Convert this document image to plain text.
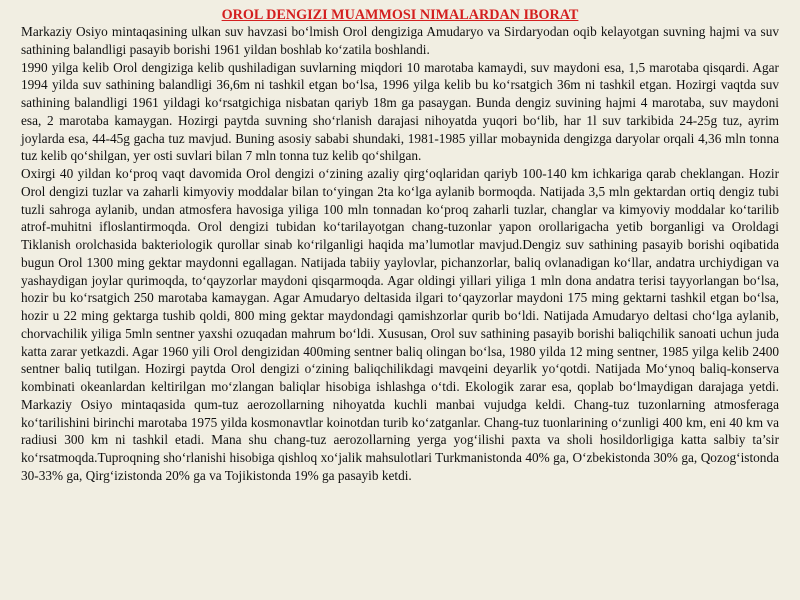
OROL DENGIZI MUAMMOSI NIMALARDAN IBORAT

Markaziy Osiyo mintaqasining ulkan suv havzasi bo‘lmish Orol dengiziga Amudaryo va Sirdaryodan oqib kelayotgan suvning hajmi va suv sathining balandligi pasayib borishi 1961 yildan boshlab ko‘zatila boshlandi.

1990 yilga kelib Orol dengiziga kelib qushiladigan suvlarning miqdori 10 marotaba kamaydi, suv maydoni esa, 1,5 marotaba qisqardi. Agar 1994 yilda suv sathining balandligi 36,6m ni tashkil etgan bo‘lsa, 1996 yilga kelib bu ko‘rsatgich 36m ni tashkil etgan. Hozirgi vaqtda suv sathining balandligi 1961 yildagi ko‘rsatgichiga nisbatan qariyb 18m ga pasaygan. Bunda dengiz suvining hajmi 4 marotaba, suv maydoni esa, 2 marotaba kamaygan. Hozirgi paytda suvning sho‘rlanish darajasi nihoyatda yuqori bo‘lib, har 1l suv tarkibida 24-25g tuz, ayrim joylarda esa, 44-45g gacha tuz mavjud. Buning asosiy sababi shundaki, 1981-1985 yillar mobaynida dengizga daryolar orqali 4,36 mln tonna tuz kelib qo‘shilgan, yer osti suvlari bilan 7 mln tonna tuz kelib qo‘shilgan.

Oxirgi 40 yildan ko‘proq vaqt davomida Orol dengizi o‘zining azaliy qirg‘oqlaridan qariyb 100-140 km ichkariga qarab cheklangan. Hozir Orol dengizi tuzlar va zaharli kimyoviy moddalar bilan to‘yingan 2ta ko‘lga aylanib bormoqda. Natijada 3,5 mln gektardan ortiq dengiz tubi tuzli sahroga aylanib, undan atmosfera havosiga yiliga 100 mln tonnadan ko‘proq zaharli tuzlar, changlar va kimyoviy moddalar ko‘tarilib atrof-muhitni ifloslantirmoqda. Orol dengizi tubidan ko‘tarilayotgan chang-tuzonlar yapon orollarigacha yetib borganligi va Oroldagi Tiklanish orolchasida bakteriologik qurollar sinab ko‘rilganligi haqida ma’lumotlar mavjud.Dengiz suv sathining pasayib borishi oqibatida bugun Orol 1300 ming gektar maydonni egallagan. Natijada tabiiy yaylovlar, pichanzorlar, baliq ovlanadigan ko‘llar, andatra urchiydigan va yashaydigan joylar qurimoqda, to‘qayzorlar maydoni qisqarmoqda. Agar oldingi yillari yiliga 1 mln dona andatra terisi tayyorlangan bo‘lsa, hozir bu ko‘rsatgich 250 marotaba kamaygan. Agar Amudaryo deltasida ilgari to‘qayzorlar maydoni 175 ming gektarni tashkil etgan bo‘lsa, hozir u 22 ming gektarga tushib qoldi, 800 ming gektar maydondagi qamishzorlar qurib bo‘ldi. Natijada Amudaryo deltasi cho‘lga aylanib, chorvachilik yiliga 5mln sentner yaxshi ozuqadan mahrum bo‘ldi. Xususan, Orol suv sathining pasayib borishi baliqchilik sanoati uchun juda katta zarar yetkazdi. Agar 1960 yili Orol dengizidan 400ming sentner baliq olingan bo‘lsa, 1980 yilda 12 ming sentner, 1985 yilga kelib 2400 sentner baliq tutilgan. Hozirgi paytda Orol dengizi o‘zining baliqchilikdagi mavqeini deyarlik yo‘qotdi. Natijada Mo‘ynoq baliq-konserva kombinati okeanlardan keltirilgan mo‘zlangan baliqlar hisobiga ishlashga o‘tdi. Ekologik zarar esa, qoplab bo‘lmaydigan darajaga yetdi. Markaziy Osiyo mintaqasida qum-tuz aerozollarning nihoyatda kuchli manbai vujudga keldi. Chang-tuz tuzonlarning atmosferaga ko‘tarilishini birinchi marotaba 1975 yilda kosmonavtlar koinotdan turib ko‘zatganlar. Chang-tuz tuonlarining o‘zunligi 400 km, eni 40 km va radiusi 300 km ni tashkil etadi. Mana shu chang-tuz aerozollarning yerga yog‘ilishi paxta va sholi hosildorligiga katta salbiy ta’sir ko‘rsatmoqda.Tuproqning sho‘rlanishi hisobiga qishloq xo‘jalik mahsulotlari Turkmanistonda 40% ga, O‘zbekistonda 30% ga, Qozog‘istonda 30-33% ga, Qirg‘izistonda 20% ga va Tojikistonda 19% ga pasayib ketdi.
